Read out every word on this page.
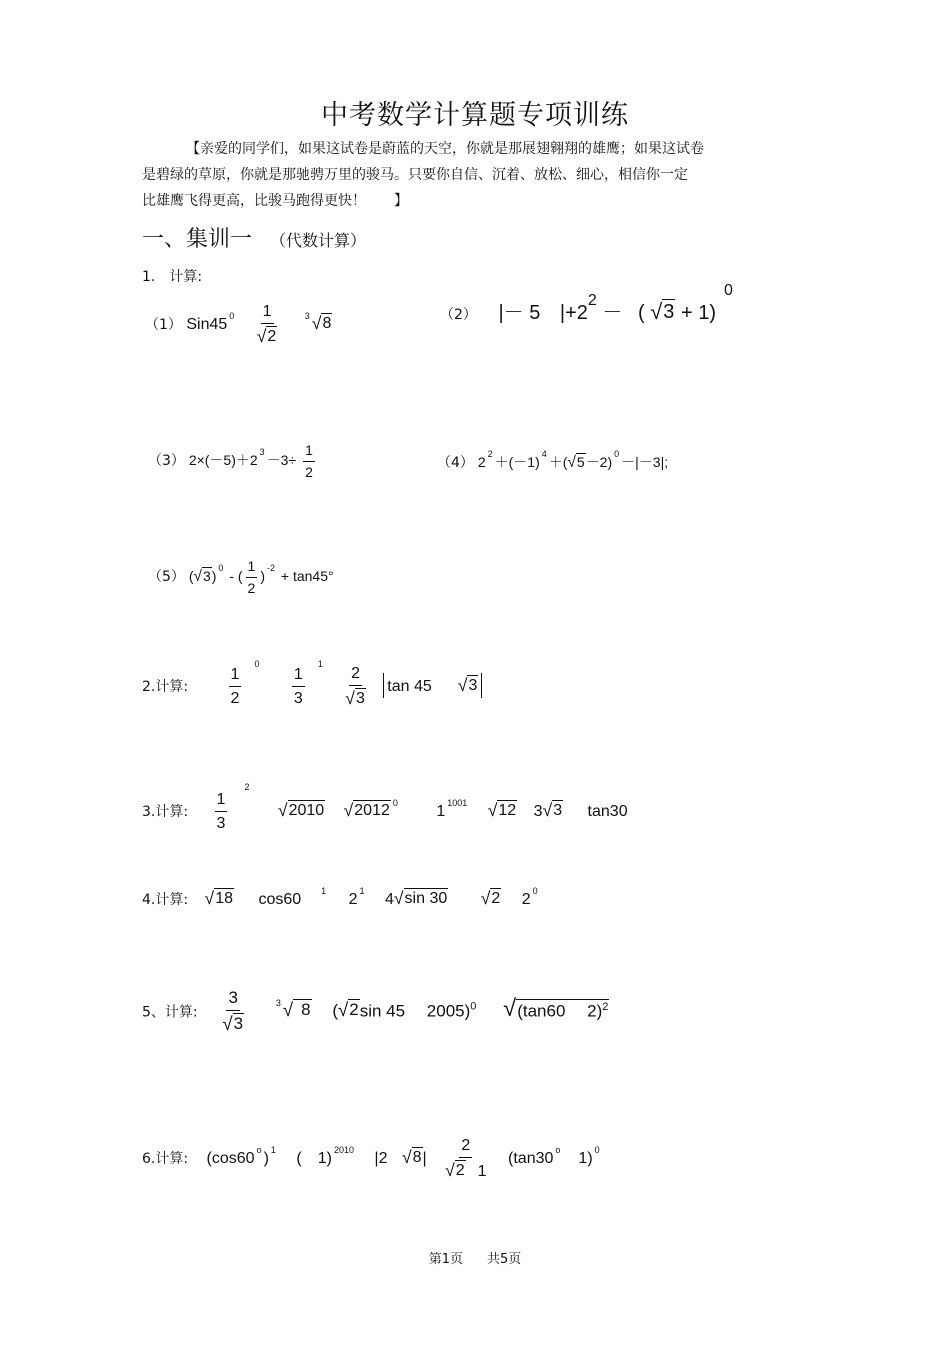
中考数学计算题专项训练

【亲爱的同学们，如果这试卷是蔚蓝的天空，你就是那展翅翱翔的雄鹰；如果这试卷

是碧绿的草原，你就是那驰骋万里的骏马。只要你自信、沉着、放松、细心，相信你一定

比雄鹰飞得更高，比骏马跑得更快！　　】

一、集训一 （代数计算）
1.　计算:
（1） $Sin45^0 \frac{1}{√ 2}$	$^3$ √ 8	（2） |－ 5 $|+2^2$ － ( √ 3 + 1)$^0$
（3） 2×(－5)＋2 $^3 -3\div \frac{1}{2}$	（4） 2 $^2$ ＋(－1) $^4$ ＋( √ 5 －2) $^0$ －|－3|;
（5） ( √ 3 ) $^0$ - ( $\frac{1}{2}$ ) $^{-2}$ + tan45°
2.计算:	$\frac{1}{2}$
$^0$
$\frac{1}{3}$
$^1$
$\frac{2}{√ 3}$ tan 45 √ 3
3.计算: $\frac{1}{3}$
$^2$
√ 2010
√ 2012 $^0$ $1^{1001}$ √ 12 3 √ 3 tan30
4.计算: √ 18 $\cos 60^1$ $2^1$ 4 √ sin 30
√ 2 $2^0$
5、计算: $\frac{3}{√ 3}$	$^3$ √ 8 ( √ 2 sin 45　 2005)$^0$ √ (tan60　 2)$^2$
6.计算: $(\cos 60^o)^1$ (　1)$^{2010}$ |2 √ 8 | $\frac{2}{√ 2 1} (\tan 30^o$　1)$^0$
第1页 共5页
